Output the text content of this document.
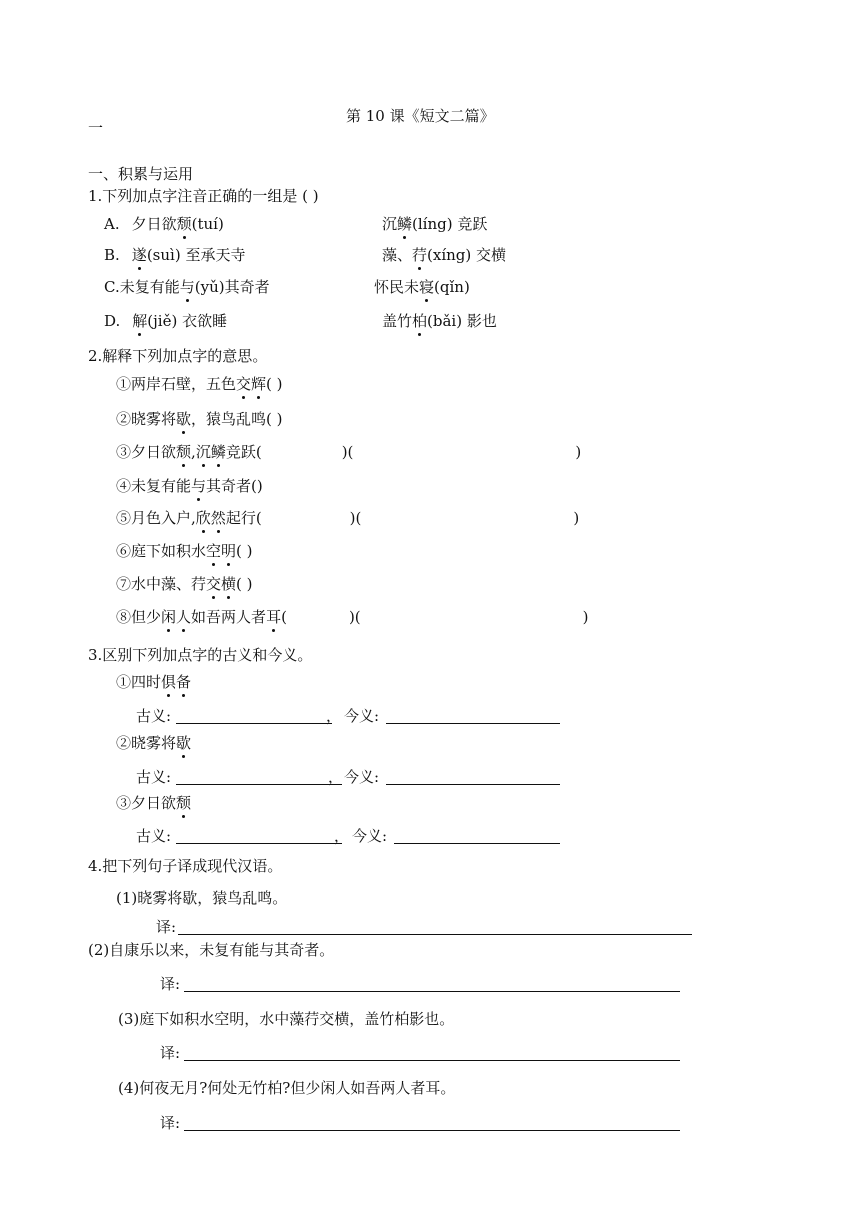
第 10 课《短文二篇》
一
一、积累与运用
1.下列加点字注音正确的一组是 ( )
A. 夕日欲颓(tuí)	沉鳞(líng) 竞跃
B. 遂(suì) 至承天寺	藻、荇(xíng) 交横
C.未复有能与(yǔ)其奇者	怀民未寝(qǐn)
D. 解(jiě) 衣欲睡	盖竹柏(bǎi) 影也
2.解释下列加点字的意思。
①两岸石壁，五色交辉( )
②晓雾将歇，猿鸟乱鸣( )
③夕日欲颓,沉鳞竞跃(	)(	)
④未复有能与其奇者()
⑤月色入户,欣然起行(	)(	)
⑥庭下如积水空明( )
⑦水中藻、荇交横( )
⑧但少闲人如吾两人者耳(	)(	)
3.区别下列加点字的古义和今义。
①四时俱备
古义:	， 今义:
②晓雾将歇
古义:	， 今义:
③夕日欲颓
古义:	， 今义:
4.把下列句子译成现代汉语。
(1)晓雾将歇，猿鸟乱鸣。
译:
(2)自康乐以来，未复有能与其奇者。
译:
(3)庭下如积水空明，水中藻荇交横，盖竹柏影也。
译:
(4)何夜无月?何处无竹柏?但少闲人如吾两人者耳。
译:
